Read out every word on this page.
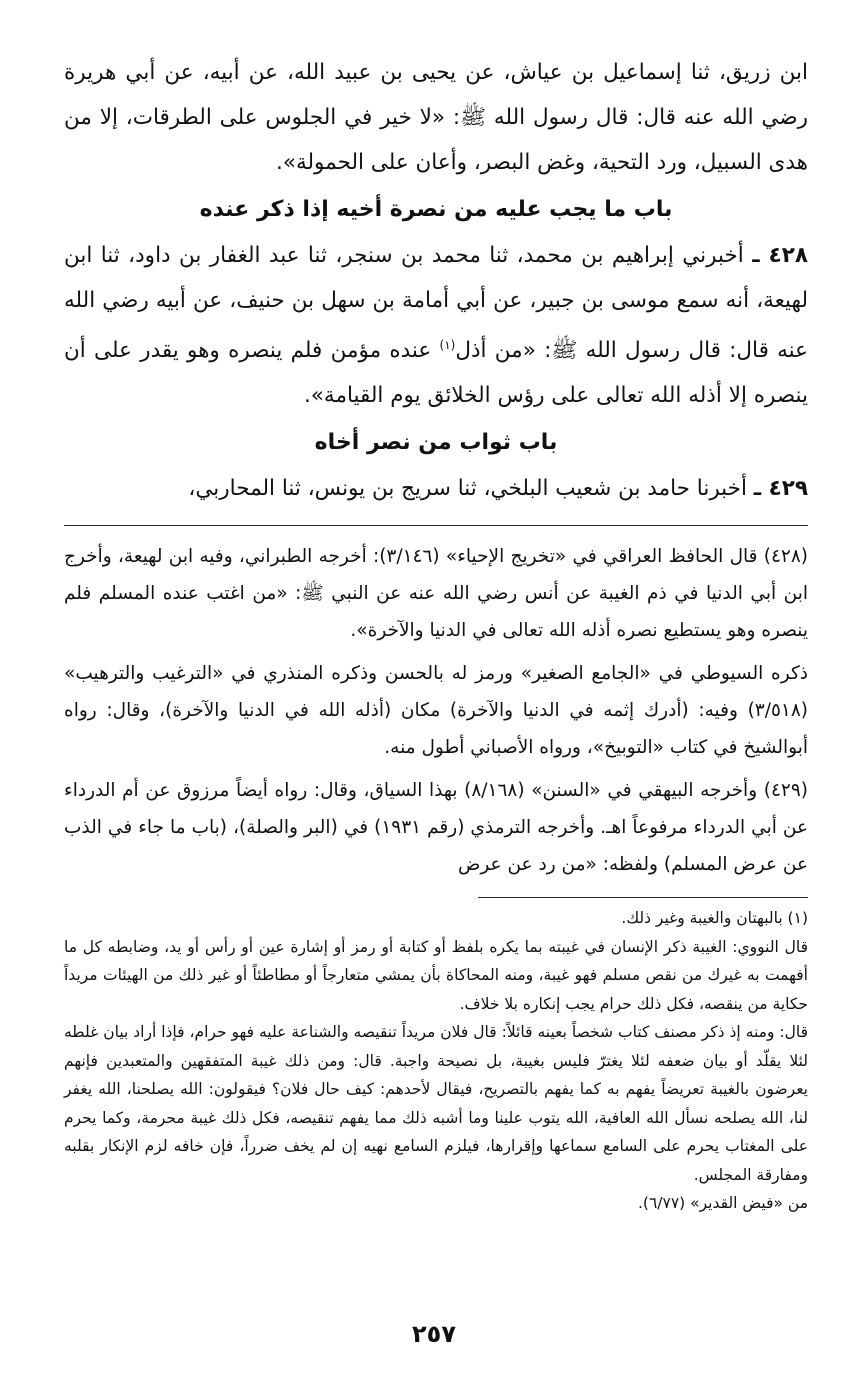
ابن زريق، ثنا إسماعيل بن عياش، عن يحيى بن عبيد الله، عن أبيه، عن أبي هريرة رضي الله عنه قال: قال رسول الله ﷺ: «لا خير في الجلوس على الطرقات، إلا من هدى السبيل، ورد التحية، وغض البصر، وأعان على الحمولة».

باب ما يجب عليه من نصرة أخيه إذا ذكر عنده

٤٢٨ ـ أخبرني إبراهيم بن محمد، ثنا محمد بن سنجر، ثنا عبد الغفار بن داود، ثنا ابن لهيعة، أنه سمع موسى بن جبير، عن أبي أمامة بن سهل بن حنيف، عن أبيه رضي الله عنه قال: قال رسول الله ﷺ: «من أذل$^{(١)}$ عنده مؤمن فلم ينصره وهو يقدر على أن ينصره إلا أذله الله تعالى على رؤس الخلائق يوم القيامة».

باب ثواب من نصر أخاه

٤٢٩ ـ أخبرنا حامد بن شعيب البلخي، ثنا سريج بن يونس، ثنا المحاربي،

(٤٢٨) قال الحافظ العراقي في «تخريج الإحياء» (٣/١٤٦): أخرجه الطبراني، وفيه ابن لهيعة، وأخرج ابن أبي الدنيا في ذم الغيبة عن أنس رضي الله عنه عن النبي ﷺ: «من اغتب عنده المسلم فلم ينصره وهو يستطيع نصره أذله الله تعالى في الدنيا والآخرة».

ذكره السيوطي في «الجامع الصغير» ورمز له بالحسن وذكره المنذري في «الترغيب والترهيب» (٣/٥١٨) وفيه: (أدرك إثمه في الدنيا والآخرة) مكان (أذله الله في الدنيا والآخرة)، وقال: رواه أبوالشيخ في كتاب «التوبيخ»، ورواه الأصباني أطول منه.

(٤٢٩) وأخرجه البيهقي في «السنن» (٨/١٦٨) بهذا السياق، وقال: رواه أيضاً مرزوق عن أم الدرداء عن أبي الدرداء مرفوعاً اهـ. وأخرجه الترمذي (رقم ١٩٣١) في (البر والصلة)، (باب ما جاء في الذب عن عرض المسلم) ولفظه: «من رد عن عرض

(١) بالبهتان والغيبة وغير ذلك.

قال النووي: الغيبة ذكر الإنسان في غيبته بما يكره بلفظ أو كتابة أو رمز أو إشارة عين أو رأس أو يد، وضابطه كل ما أفهمت به غيرك من نقص مسلم فهو غيبة، ومنه المحاكاة بأن يمشي متعارجاً أو مطاطئاً أو غير ذلك من الهيئات مريداً حكاية من ينقصه، فكل ذلك حرام يجب إنكاره بلا خلاف.

قال: ومنه إذ ذكر مصنف كتاب شخصاً بعينه قائلاً: قال فلان مريداً تنقيصه والشناعة عليه فهو حرام، فإذا أراد بيان غلطه لئلا يقلّد أو بيان ضعفه لئلا يغترّ فليس بغيبة، بل نصيحة واجبة. قال: ومن ذلك غيبة المتفقهين والمتعبدين فإنهم يعرضون بالغيبة تعريضاً يفهم به كما يفهم بالتصريح، فيقال لأحدهم: كيف حال فلان؟ فيقولون: الله يصلحنا، الله يغفر لنا، الله يصلحه نسأل الله العافية، الله يتوب علينا وما أشبه ذلك مما يفهم تنقيصه، فكل ذلك غيبة محرمة، وكما يحرم على المغتاب يحرم على السامع سماعها وإقرارها، فيلزم السامع نهيه إن لم يخف ضرراً، فإن خافه لزم الإنكار بقلبه ومفارقة المجلس.

من «فيض القدير» (٦/٧٧).

٢٥٧
